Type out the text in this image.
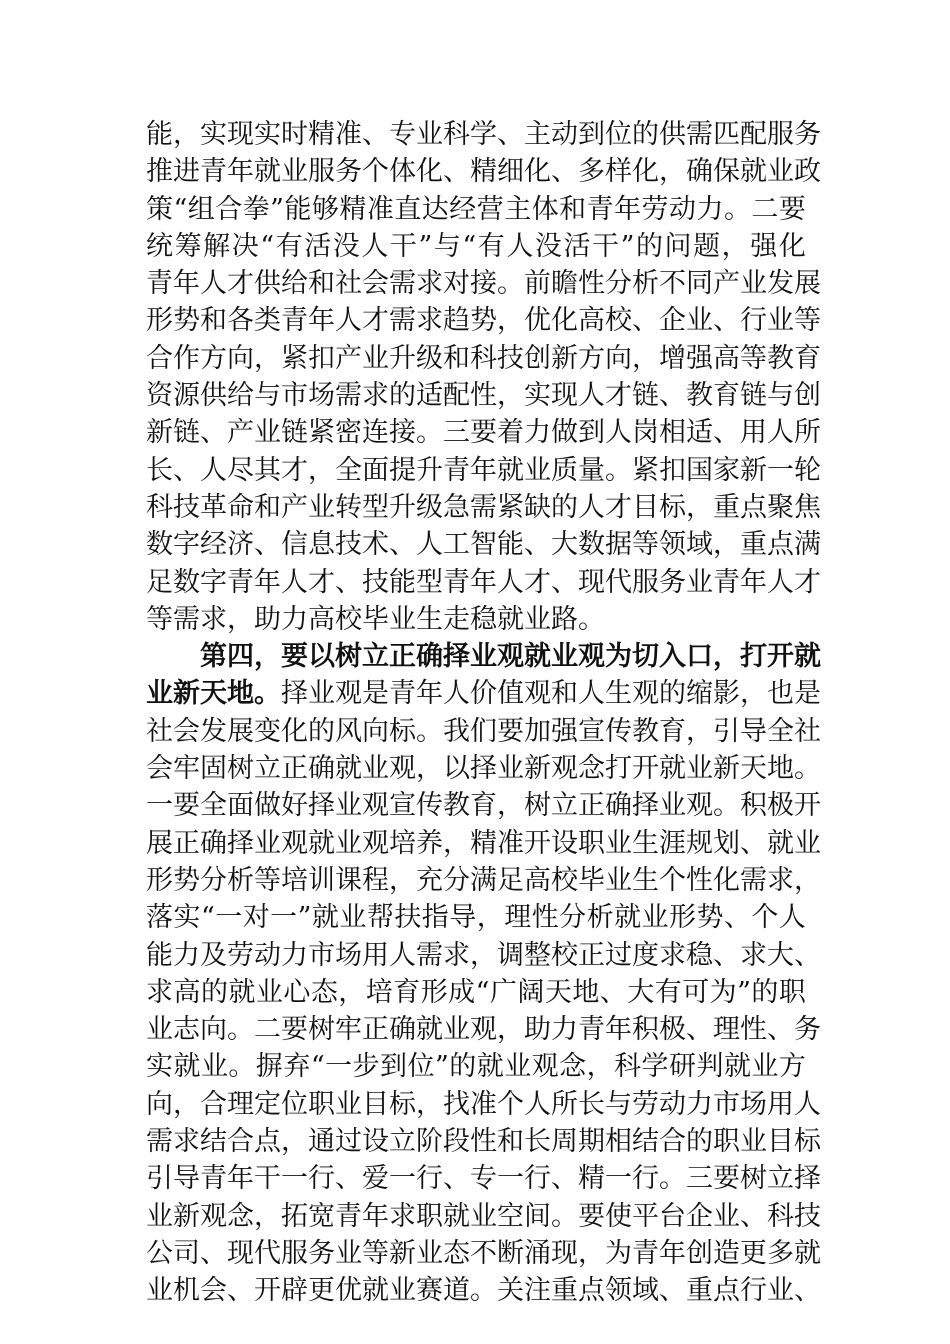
能 ， 实 现 实 时 精 准 、 专 业 科 学 、 主 动 到 位 的 供 需 匹 配 服 务
推 进 青 年 就 业 服 务 个 体 化 、 精 细 化 、 多 样 化 ， 确 保 就 业 政
策 “ 组 合 拳 ” 能 够 精 准 直 达 经 营 主 体 和 青 年 劳 动 力 。 二 要
统 筹 解 决 “ 有 活 没 人 干 ” 与 “ 有 人 没 活 干 ” 的 问 题 ， 强 化
青 年 人 才 供 给 和 社 会 需 求 对 接 。 前 瞻 性 分 析 不 同 产 业 发 展
形 势 和 各 类 青 年 人 才 需 求 趋 势 ， 优 化 高 校 、 企 业 、 行 业 等
合 作 方 向 ， 紧 扣 产 业 升 级 和 科 技 创 新 方 向 ， 增 强 高 等 教 育
资 源 供 给 与 市 场 需 求 的 适 配 性 ， 实 现 人 才 链 、 教 育 链 与 创
新 链 、 产 业 链 紧 密 连 接 。 三 要 着 力 做 到 人 岗 相 适 、 用 人 所
长 、 人 尽 其 才 ， 全 面 提 升 青 年 就 业 质 量 。 紧 扣 国 家 新 一 轮
科 技 革 命 和 产 业 转 型 升 级 急 需 紧 缺 的 人 才 目 标 ， 重 点 聚 焦
数 字 经 济 、 信 息 技 术 、 人 工 智 能 、 大 数 据 等 领 域 ， 重 点 满
足 数 字 青 年 人 才 、 技 能 型 青 年 人 才 、 现 代 服 务 业 青 年 人 才
等需求，助力高校毕业生走稳就业路。
第 四 ， 要 以 树 立 正 确 择 业 观 就 业 观 为 切 入 口 ， 打 开 就
业 新 天 地 。 择 业 观 是 青 年 人 价 值 观 和 人 生 观 的 缩 影 ， 也 是
社 会 发 展 变 化 的 风 向 标 。 我 们 要 加 强 宣 传 教 育 ， 引 导 全 社
会 牢 固 树 立 正 确 就 业 观 ， 以 择 业 新 观 念 打 开 就 业 新 天 地 。
一 要 全 面 做 好 择 业 观 宣 传 教 育 ， 树 立 正 确 择 业 观 。 积 极 开
展 正 确 择 业 观 就 业 观 培 养 ， 精 准 开 设 职 业 生 涯 规 划 、 就 业
形 势 分 析 等 培 训 课 程 ， 充 分 满 足 高 校 毕 业 生 个 性 化 需 求 ，
落 实 “ 一 对 一 ” 就 业 帮 扶 指 导 ， 理 性 分 析 就 业 形 势 、 个 人
能 力 及 劳 动 力 市 场 用 人 需 求 ， 调 整 校 正 过 度 求 稳 、 求 大 、
求 高 的 就 业 心 态 ， 培 育 形 成 “ 广 阔 天 地 、 大 有 可 为 ” 的 职
业 志 向 。 二 要 树 牢 正 确 就 业 观 ， 助 力 青 年 积 极 、 理 性 、 务
实 就 业 。 摒 弃 “ 一 步 到 位 ” 的 就 业 观 念 ， 科 学 研 判 就 业 方
向 ， 合 理 定 位 职 业 目 标 ， 找 准 个 人 所 长 与 劳 动 力 市 场 用 人
需 求 结 合 点 ， 通 过 设 立 阶 段 性 和 长 周 期 相 结 合 的 职 业 目 标
引 导 青 年 干 一 行 、 爱 一 行 、 专 一 行 、 精 一 行 。 三 要 树 立 择
业 新 观 念 ， 拓 宽 青 年 求 职 就 业 空 间 。 要 使 平 台 企 业 、 科 技
公 司 、 现 代 服 务 业 等 新 业 态 不 断 涌 现 ， 为 青 年 创 造 更 多 就
业 机 会 、 开 辟 更 优 就 业 赛 道 。 关 注 重 点 领 域 、 重 点 行 业 、
